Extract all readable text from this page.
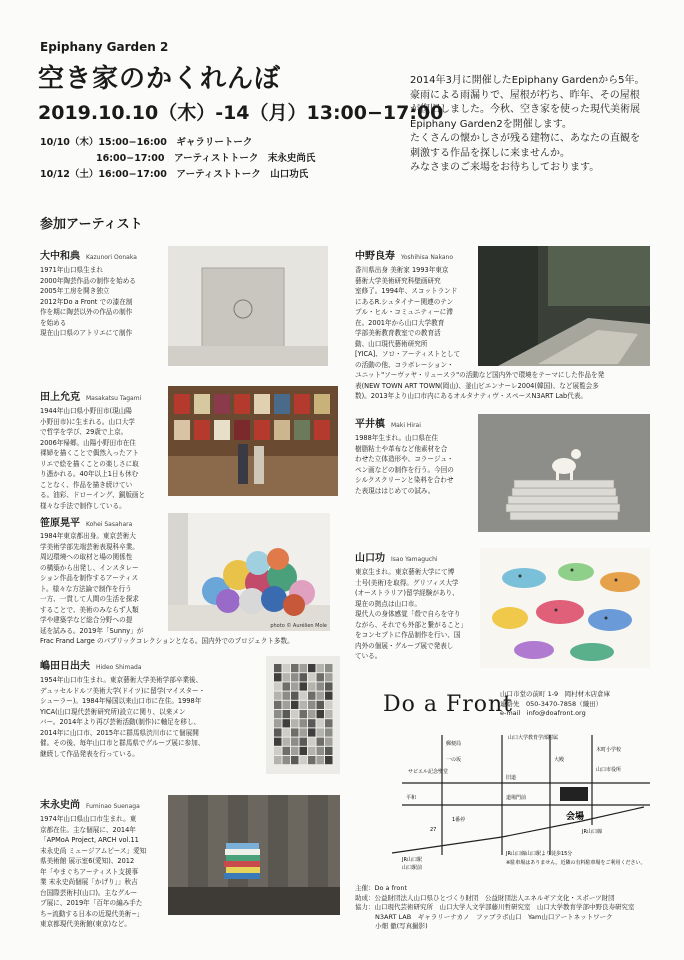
Epiphany Garden 2
空き家のかくれんぼ
2019.10.10（木）-14（月）13:00−17:00
10/10（木）15:00−16:00　ギャラリートーク
16:00−17:00　アーティストトーク　末永史尚氏
10/12（土）16:00−17:00　アーティストトーク　山口功氏
2014年3月に開催したEpiphany Gardenから5年。
豪雨による雨漏りで、屋根が朽ち、昨年、その屋根
が復旧しました。今秋、空き家を使った現代美術展
Epiphany Garden2を開催します。
たくさんの懐かしさが残る建物に、あなたの直観を
刺激する作品を探しに来ませんか。
みなさまのご来場をお待ちしております。
参加アーティスト
大中和典 Kazunori Oonaka
1971年山口県生まれ
2000年陶芸作品の制作を始める
2005年工房を開き独立
2012年Do a Front での漆在制
作を期に陶芸以外の作品の制作
を始める
現在山口県のアトリエにて制作
田上允克 Masakatsu Tagami
1944年山口県小野田市(現山陽
小野田市)に生まれる。山口大学
で哲学を学び、29歳で上京。
2006年帰郷。山陽小野田市在住
裸婦を描くことで偶然入ったアト
リエで絵を描くことの楽しさに取
り憑かれる。40年以上1日も休む
ことなく、作品を描き続けてい
る。油彩、ドローイング、銅版画と
様々な手法で制作している。
笹原晃平 Kohei Sasahara
1984年東京都出身。東京芸術大
学美術学部先端芸術表現科卒業。
周辺環境への取材と場の関係性
の構築から出発し、インスタレー
ション作品を制作するアーティス
ト。様々な方法論で制作を行う
一方、一貫して人間の生活を探求
することで、美術のみならず人類
学や建築学など総合分野への提
延を試みる。2019年「Sunny」が
Frac Frand Large のパブリックコレクションとなる。国内外でのプロジェクト多数。
photo © Aurélien Mole
嶋田日出夫 Hideo Shimada
1954年山口市生まれ。東京藝術大学美術学部卒業後、
デュッセルドルフ美術大学(ドイツ)に留学(マイスター・
シューラー)。1984年帰国以来山口市に在住。1998年
YICA(山口現代芸術研究所)設立に関り、以来メン
バー。2014年より再び芸術活動(制作)に軸足を移し、
2014年に山口市、2015年に群馬県渋川市にて個展開
催。その後、毎年山口市と群馬県でグループ展に参加、
継続して作品発表を行っている。
末永史尚 Fuminao Suenaga
1974年山口県山口市生まれ。東
京都在住。主な個展に、2014年
「APMoA Project, ARCH vol.11
末永史尚 ミュージアムピース」愛知
県美術館 展示室6(愛知)、2012
年「やまぐちアーティスト支援事
業 末永史尚個展「かげり」」秋吉
台国際芸術村(山口)。主なグルー
プ展に、2019年「百年の編み手た
ち−流動する日本の近現代美術−」
東京都現代美術館(東京)など。
中野良寿 Yoshihisa Nakano
香川県出身 美術家 1993年東京
藝術大学美術研究科壁画研究
室修了。1994年、スコットランド
にあるR.シュタイナー関連のテン
プル・ヒル・コミュニティーに滞
在。2001年から山口大学教育
学部美術教育教室での教育活
動、山口現代藝術研究所
[YICA]、ソロ・アーティストとして
の活動の他、コラボレーション・
ユニット"ソーヴァヤ・リュースラ"の活動など国内外で環境をテーマにした作品を発
表(NEW TOWN ART TOWN(岡山)、釜山ビエンナーレ2004(韓国)、など展覧会多
数)。2013年より山口市内にあるオルタナティヴ・スペースN3ART Lab代表。
平井槙 Maki Hirai
1988年生まれ。山口県在住
樹脂粘土や革布など他素材を合
わせた立体造形や、コラージュ・
ペン画などの制作を行う。今回の
シルクスクリーンと染料を合わせ
た表現ははじめての試み。
山口功 Isao Yamaguchi
東京生まれ。東京藝術大学にて博
士号(美術)を取得。グリフィス大学
(オーストラリア)留学経験があり、
現在の拠点は山口市。
現代人の身体感覚「殻で自らを守り
ながら、それでも外部と繋がること」
をコンセプトに作品制作を行い、国
内外の個展・グループ展で発表し
ている。
Do a Front
山口市堂の前町 1-9　岡村材木店倉庫
連絡先　050-3470-7858（織田）
e-mail　info@doafront.org
会場
郵便局
サビエル記念聖堂
山口大学教育学部附属
木町小学校
山口市役所
平和	道場門前
1番停
旧道
一の坂	大殿
27	JR山口線
JR山口駅
山口駅前
JR山口線山口駅より徒歩15分
※駐車場はありません。近隣の有料駐車場をご利用ください。
主催：Do a front
助成：公益財団法人山口県ひとづくり財団　公益財団法人エネルギア文化・スポーツ財団
協力：山口現代芸術研究所　山口大学人文学部藤川哲研究室　山口大学教育学部中野良寿研究室
N3ART LAB　ギャラリーナカノ　ファブラボ山口　Yam山口アートネットワーク
小畑 徹(写真撮影)
